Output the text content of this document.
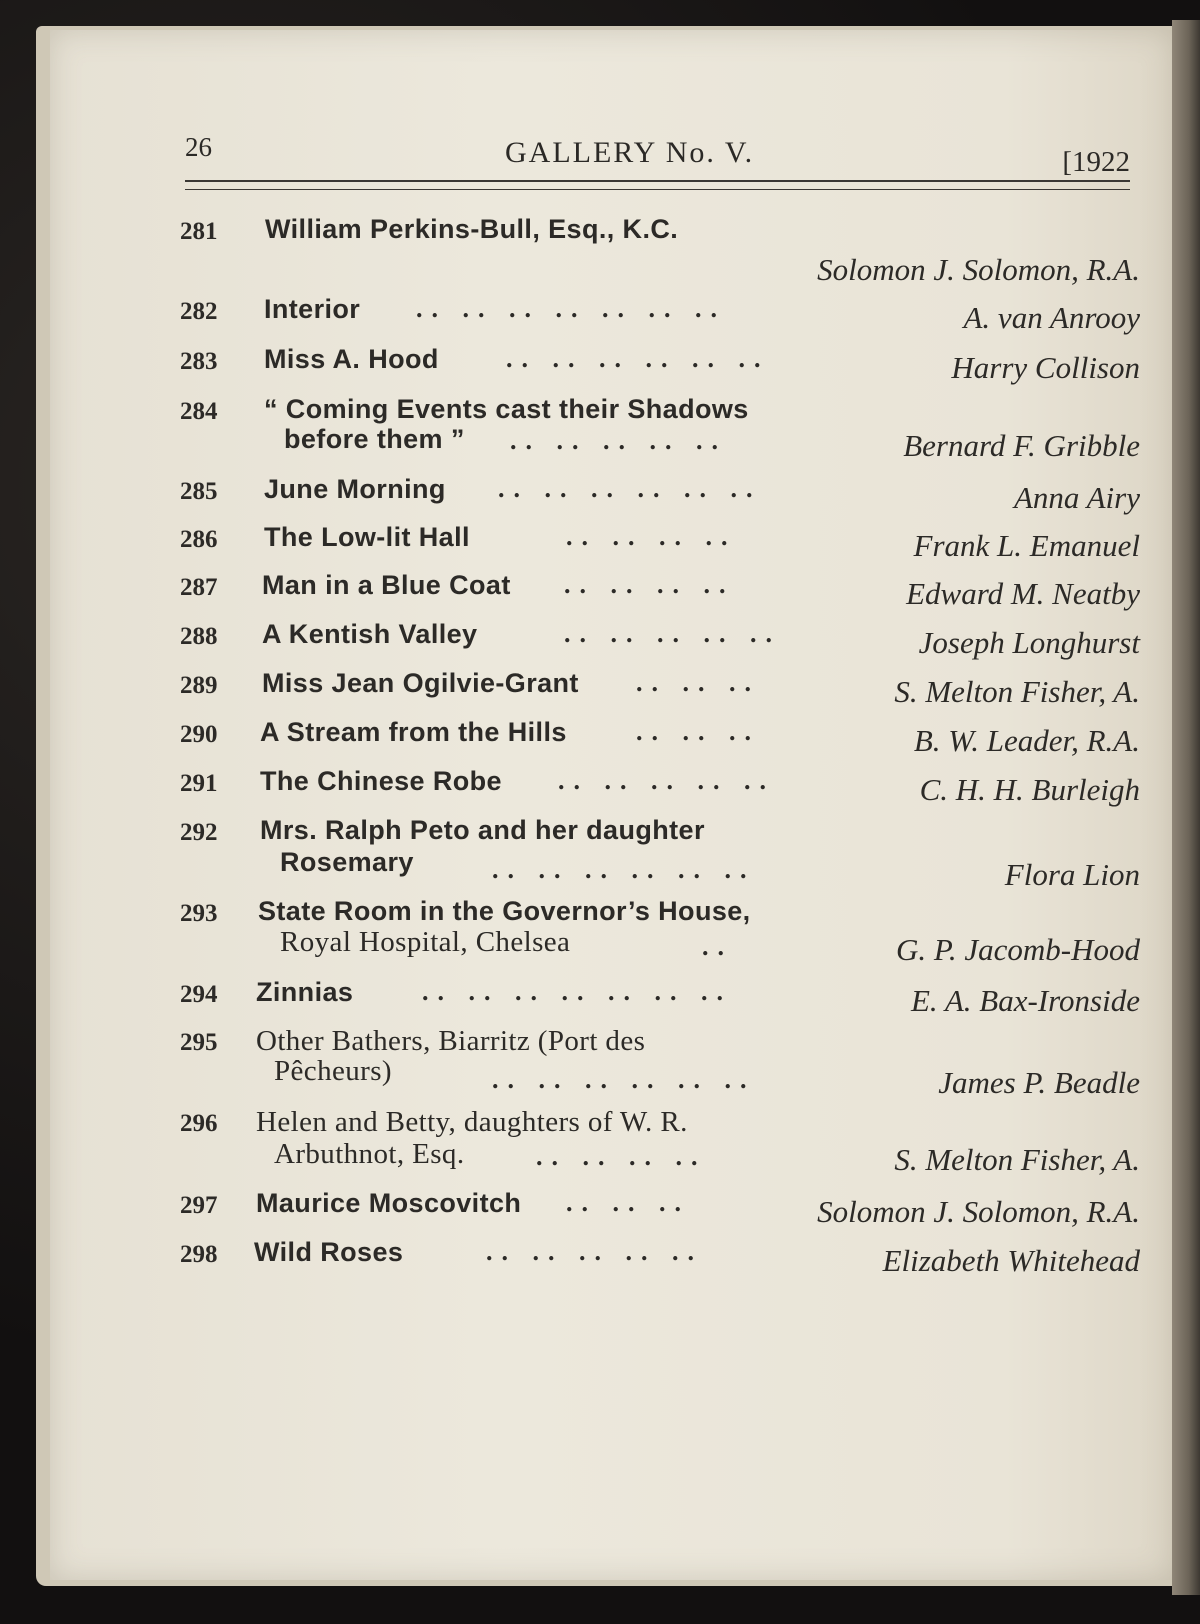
26	GALLERY No. V.	[1922
281 William Perkins-Bull, Esq., K.C.
Solomon J. Solomon, R.A.
282 Interior .. .. .. .. .. .. ..	A. van Anrooy
283 Miss A. Hood	.. .. .. .. .. ..	Harry Collison
284 “ Coming Events cast their Shadows
before them ” .. .. .. .. ..	Bernard F. Gribble
285 June Morning .. .. .. .. .. ..	Anna Airy
286 The Low-lit Hall	.. .. .. ..	Frank L. Emanuel
287 Man in a Blue Coat .. .. .. ..	Edward M. Neatby
288 A Kentish Valley	.. .. .. .. ..	Joseph Longhurst
289 Miss Jean Ogilvie-Grant .. .. ..	S. Melton Fisher, A.
290 A Stream from the Hills	.. .. ..	B. W. Leader, R.A.
291 The Chinese Robe .. .. .. .. ..	C. H. H. Burleigh
292 Mrs. Ralph Peto and her daughter
Rosemary	.. .. .. .. .. ..	Flora Lion
293 State Room in the Governor’s House,
Royal Hospital, Chelsea	..	G. P. Jacomb-Hood
294 Zinnias	.. .. .. .. .. .. ..	E. A. Bax-Ironside
295 Other Bathers, Biarritz (Port des
Pêcheurs)	.. .. .. .. .. ..	James P. Beadle
296 Helen and Betty, daughters of W. R.
Arbuthnot, Esq.	.. .. .. ..	S. Melton Fisher, A.
297 Maurice Moscovitch .. .. ..	Solomon J. Solomon, R.A.
298 Wild Roses	.. .. .. .. ..	Elizabeth Whitehead
